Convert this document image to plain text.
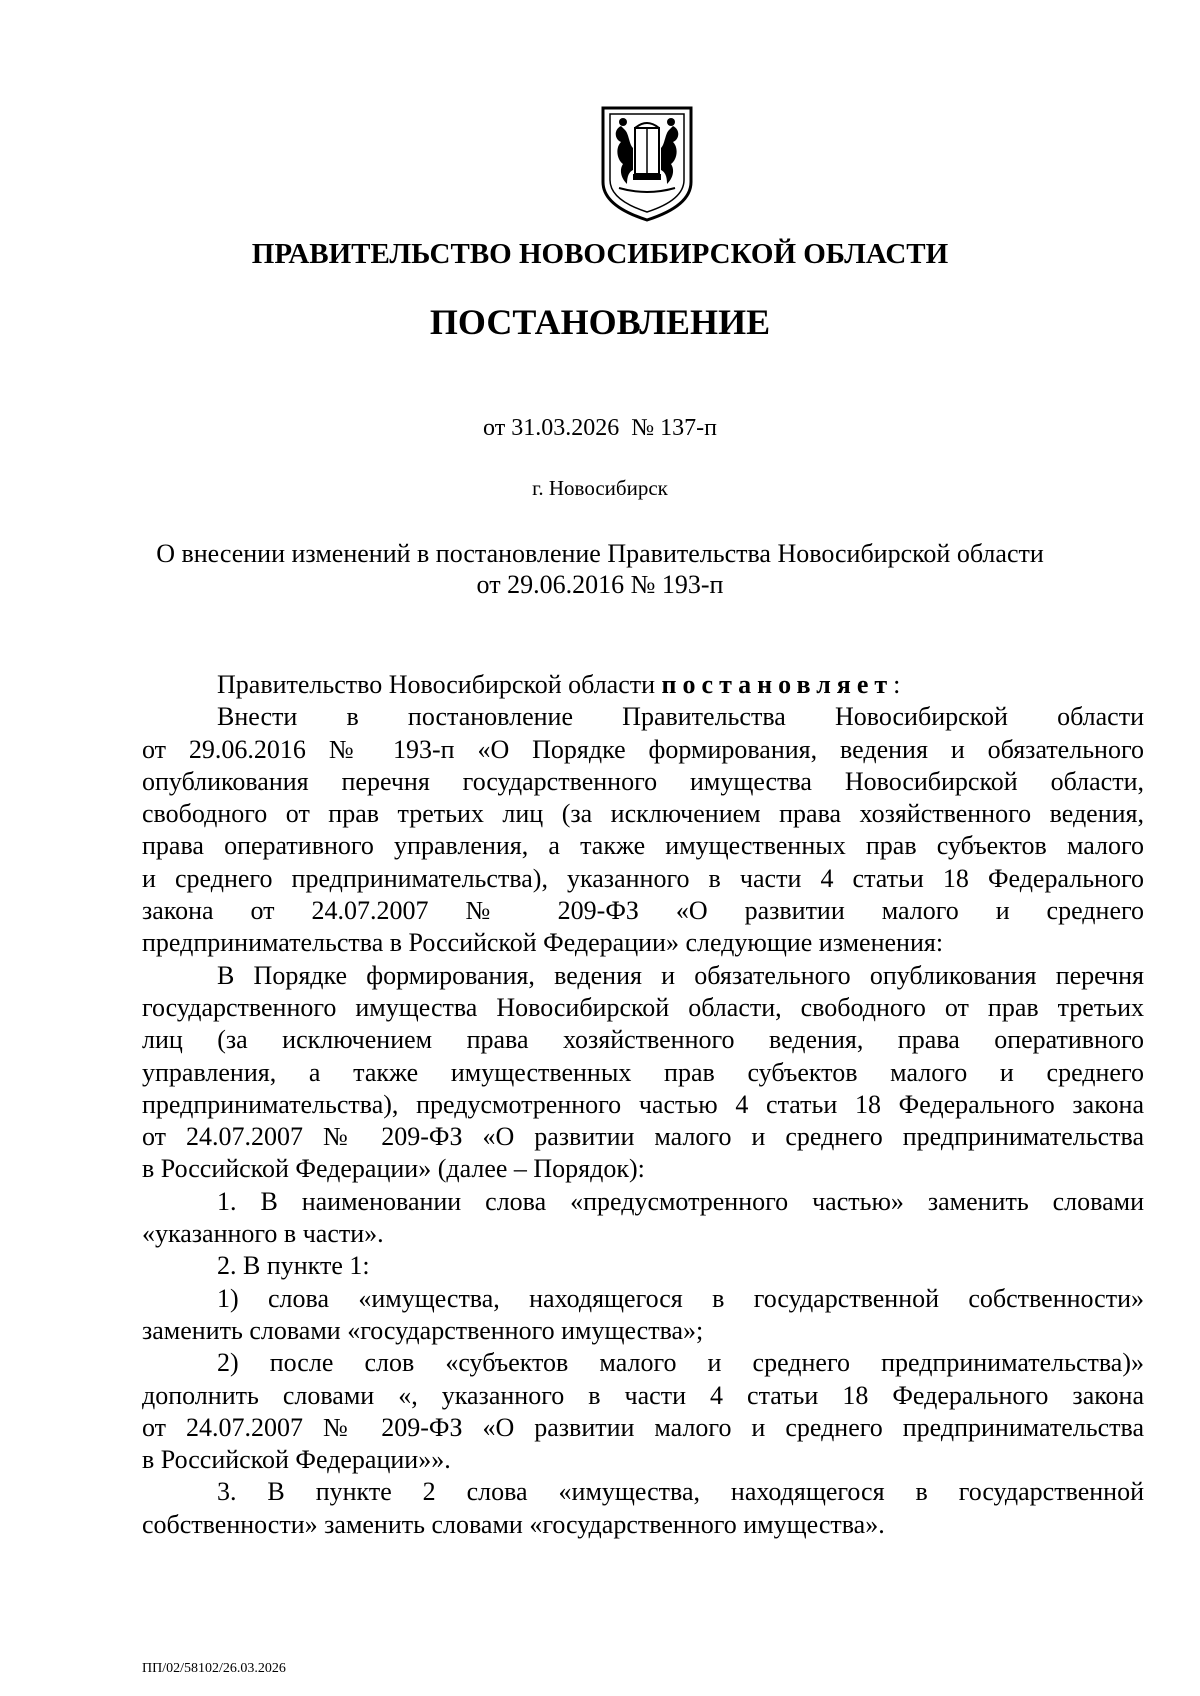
ПРАВИТЕЛЬСТВО НОВОСИБИРСКОЙ ОБЛАСТИ
ПОСТАНОВЛЕНИЕ
от 31.03.2026  № 137-п
г. Новосибирск
О внесении изменений в постановление Правительства Новосибирской области
от 29.06.2016 № 193-п
Правительство Новосибирской области постановляет:
Внести в постановление Правительства Новосибирской области
от 29.06.2016 № 193-п «О Порядке формирования, ведения и обязательного
опубликования перечня государственного имущества Новосибирской области,
свободного от прав третьих лиц (за исключением права хозяйственного ведения,
права оперативного управления, а также имущественных прав субъектов малого
и среднего предпринимательства), указанного в части 4 статьи 18 Федерального
закона от 24.07.2007 № 209-ФЗ «О развитии малого и среднего
предпринимательства в Российской Федерации» следующие изменения:
В Порядке формирования, ведения и обязательного опубликования перечня
государственного имущества Новосибирской области, свободного от прав третьих
лиц (за исключением права хозяйственного ведения, права оперативного
управления, а также имущественных прав субъектов малого и среднего
предпринимательства), предусмотренного частью 4 статьи 18 Федерального закона
от 24.07.2007 № 209-ФЗ «О развитии малого и среднего предпринимательства
в Российской Федерации» (далее – Порядок):
1. В наименовании слова «предусмотренного частью» заменить словами
«указанного в части».
2. В пункте 1:
1) слова «имущества, находящегося в государственной собственности»
заменить словами «государственного имущества»;
2) после слов «субъектов малого и среднего предпринимательства)»
дополнить словами «, указанного в части 4 статьи 18 Федерального закона
от 24.07.2007 № 209-ФЗ «О развитии малого и среднего предпринимательства
в Российской Федерации»».
3. В пункте 2 слова «имущества, находящегося в государственной
собственности» заменить словами «государственного имущества».
ПП/02/58102/26.03.2026
